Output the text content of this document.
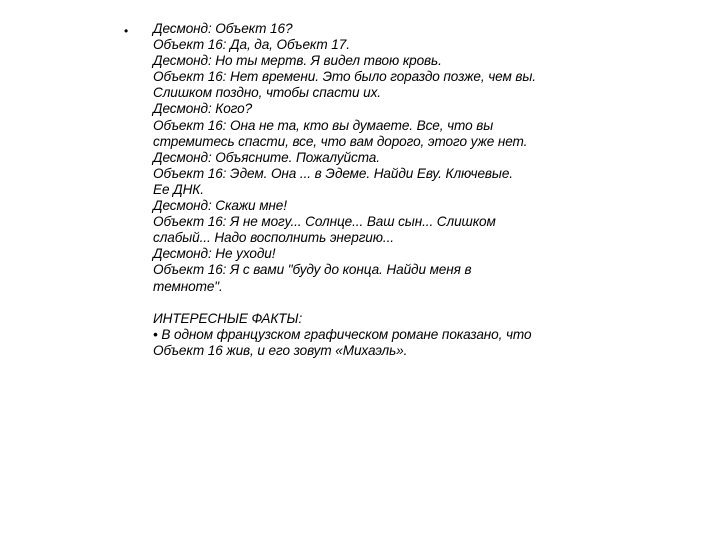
• Десмонд: Объект 16?
Объект 16: Да, да, Объект 17.
Десмонд: Но ты мертв. Я видел твою кровь.
Объект 16: Нет времени. Это было гораздо позже, чем вы.
Слишком поздно, чтобы спасти их.
Десмонд: Кого?
Объект 16: Она не та, кто вы думаете. Все, что вы
стремитесь спасти, все, что вам дорого, этого уже нет.
Десмонд: Объясните. Пожалуйста.
Объект 16: Эдем. Она ... в Эдеме. Найди Еву. Ключевые.
Ее ДНК.
Десмонд: Скажи мне!
Объект 16: Я не могу... Солнце... Ваш сын... Слишком
слабый... Надо восполнить энергию...
Десмонд: Не уходи!
Объект 16: Я с вами "буду до конца. Найди меня в
темноте".
ИНТЕРЕСНЫЕ ФАКТЫ:
• В одном французском графическом романе показано, что
Объект 16 жив, и его зовут «Михаэль».
